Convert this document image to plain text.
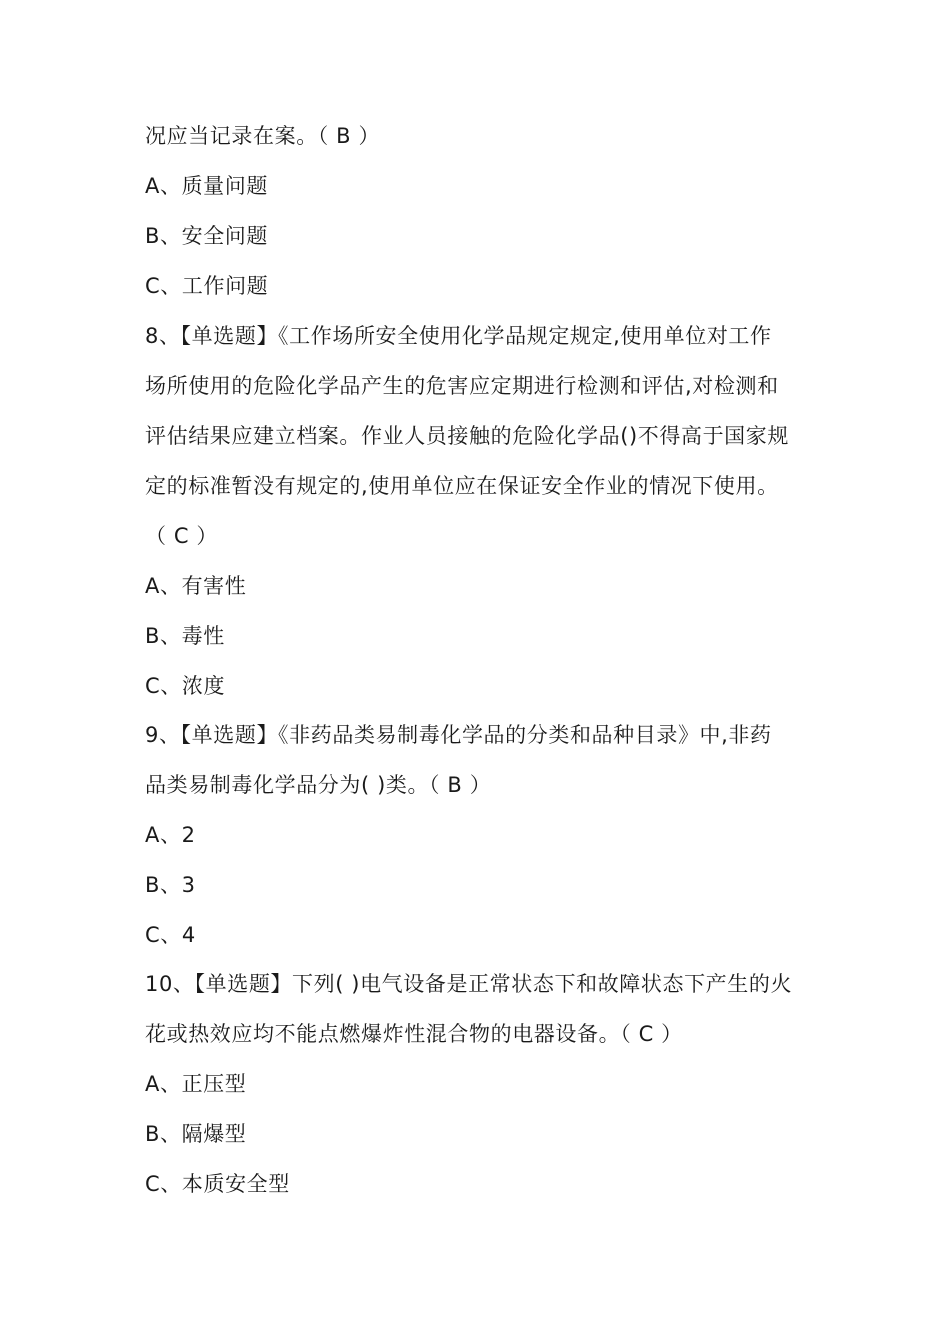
况应当记录在案。（ B ）
A、质量问题
B、安全问题
C、工作问题
8、【单选题】《工作场所安全使用化学品规定规定,使用单位对工作
场所使用的危险化学品产生的危害应定期进行检测和评估,对检测和
评估结果应建立档案。作业人员接触的危险化学品()不得高于国家规
定的标准暂没有规定的,使用单位应在保证安全作业的情况下使用。
（ C ）
A、有害性
B、毒性
C、浓度
9、【单选题】《非药品类易制毒化学品的分类和品种目录》中,非药
品类易制毒化学品分为( )类。（ B ）
A、2
B、3
C、4
10、【单选题】下列( )电气设备是正常状态下和故障状态下产生的火
花或热效应均不能点燃爆炸性混合物的电器设备。（ C ）
A、正压型
B、隔爆型
C、本质安全型
